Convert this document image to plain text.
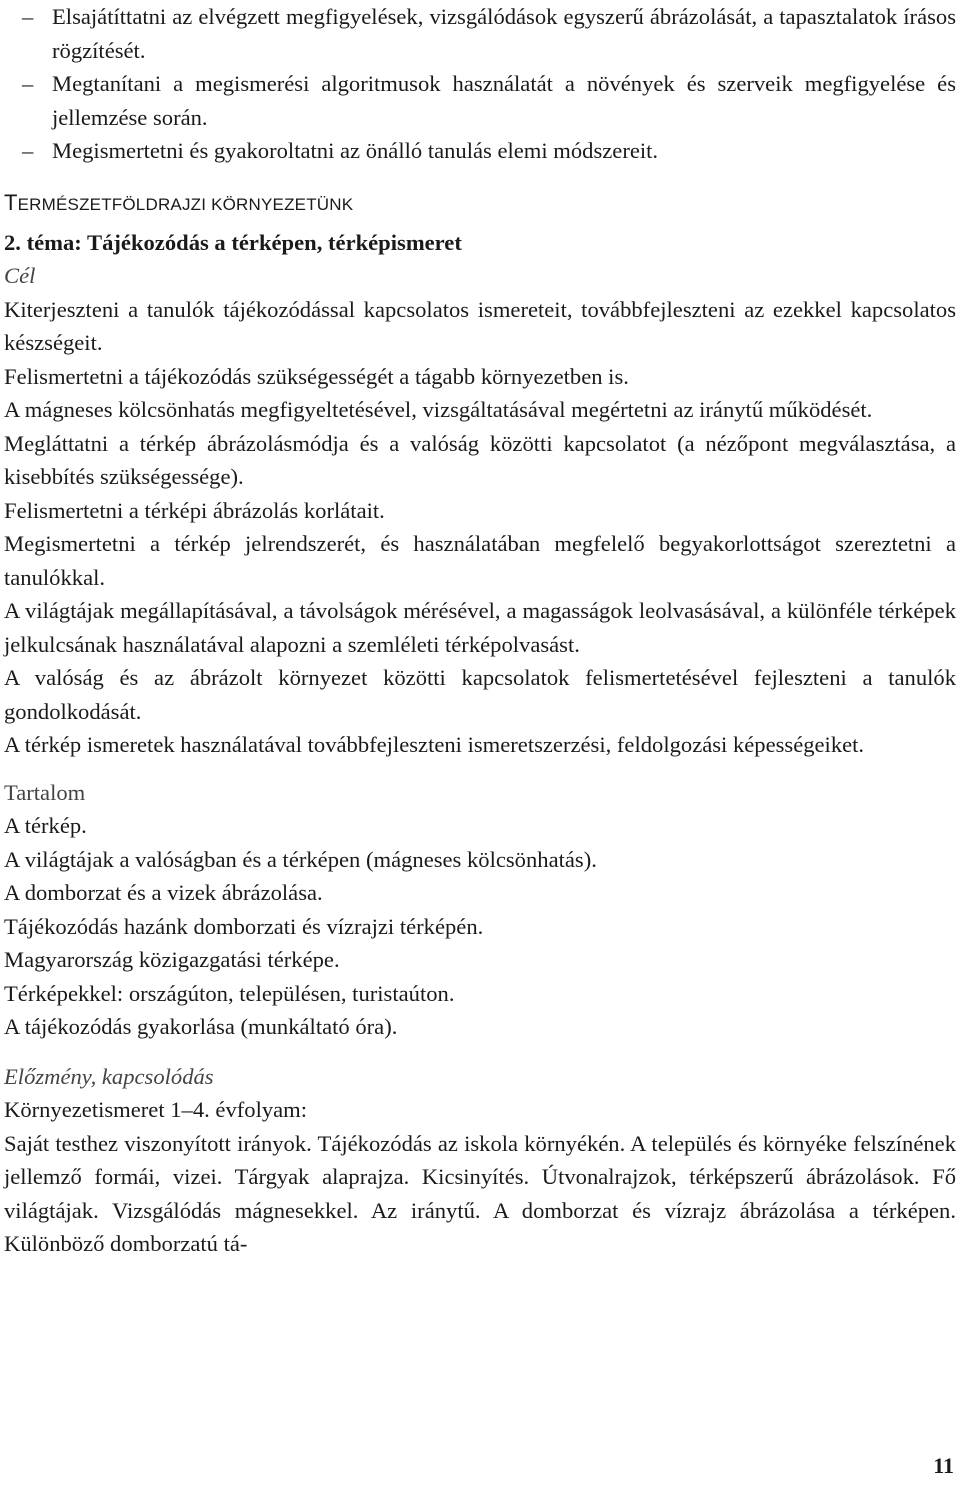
– Elsajátíttatni az elvégzett megfigyelések, vizsgálódások egyszerű ábrázolását, a tapasztalatok írásos rögzítését.
– Megtanítani a megismerési algoritmusok használatát a növények és szerveik megfigyelése és jellemzése során.
– Megismertetni és gyakoroltatni az önálló tanulás elemi módszereit.
TERMÉSZETFÖLDRAJZI KÖRNYEZETÜNK
2. téma: Tájékozódás a térképen, térképismeret
Cél
Kiterjeszteni a tanulók tájékozódással kapcsolatos ismereteit, továbbfejleszteni az ezekkel kapcsolatos készségeit.
Felismertetni a tájékozódás szükségességét a tágabb környezetben is.
A mágneses kölcsönhatás megfigyeltetésével, vizsgáltatásával megértetni az iránytű működését.
Megláttatni a térkép ábrázolásmódja és a valóság közötti kapcsolatot (a nézőpont megválasztása, a kisebbítés szükségessége).
Felismertetni a térképi ábrázolás korlátait.
Megismertetni a térkép jelrendszerét, és használatában megfelelő begyakorlottságot szereztetni a tanulókkal.
A világtájak megállapításával, a távolságok mérésével, a magasságok leolvasásával, a különféle térképek jelkulcsának használatával alapozni a szemléleti térképolvasást.
A valóság és az ábrázolt környezet közötti kapcsolatok felismertetésével fejleszteni a tanulók gondolkodását.
A térkép ismeretek használatával továbbfejleszteni ismeretszerzési, feldolgozási képességeiket.
Tartalom
A térkép.
A világtájak a valóságban és a térképen (mágneses kölcsönhatás).
A domborzat és a vizek ábrázolása.
Tájékozódás hazánk domborzati és vízrajzi térképén.
Magyarország közigazgatási térképe.
Térképekkel: országúton, településen, turistaúton.
A tájékozódás gyakorlása (munkáltató óra).
Előzmény, kapcsolódás
Környezetismeret 1–4. évfolyam:
Saját testhez viszonyított irányok. Tájékozódás az iskola környékén. A település és környéke felszínének jellemző formái, vizei. Tárgyak alaprajza. Kicsinyítés. Útvonalrajzok, térképszerű ábrázolások. Fő világtájak. Vizsgálódás mágnesekkel. Az iránytű. A domborzat és vízrajz ábrázolása a térképen. Különböző domborzatú tá-
11
